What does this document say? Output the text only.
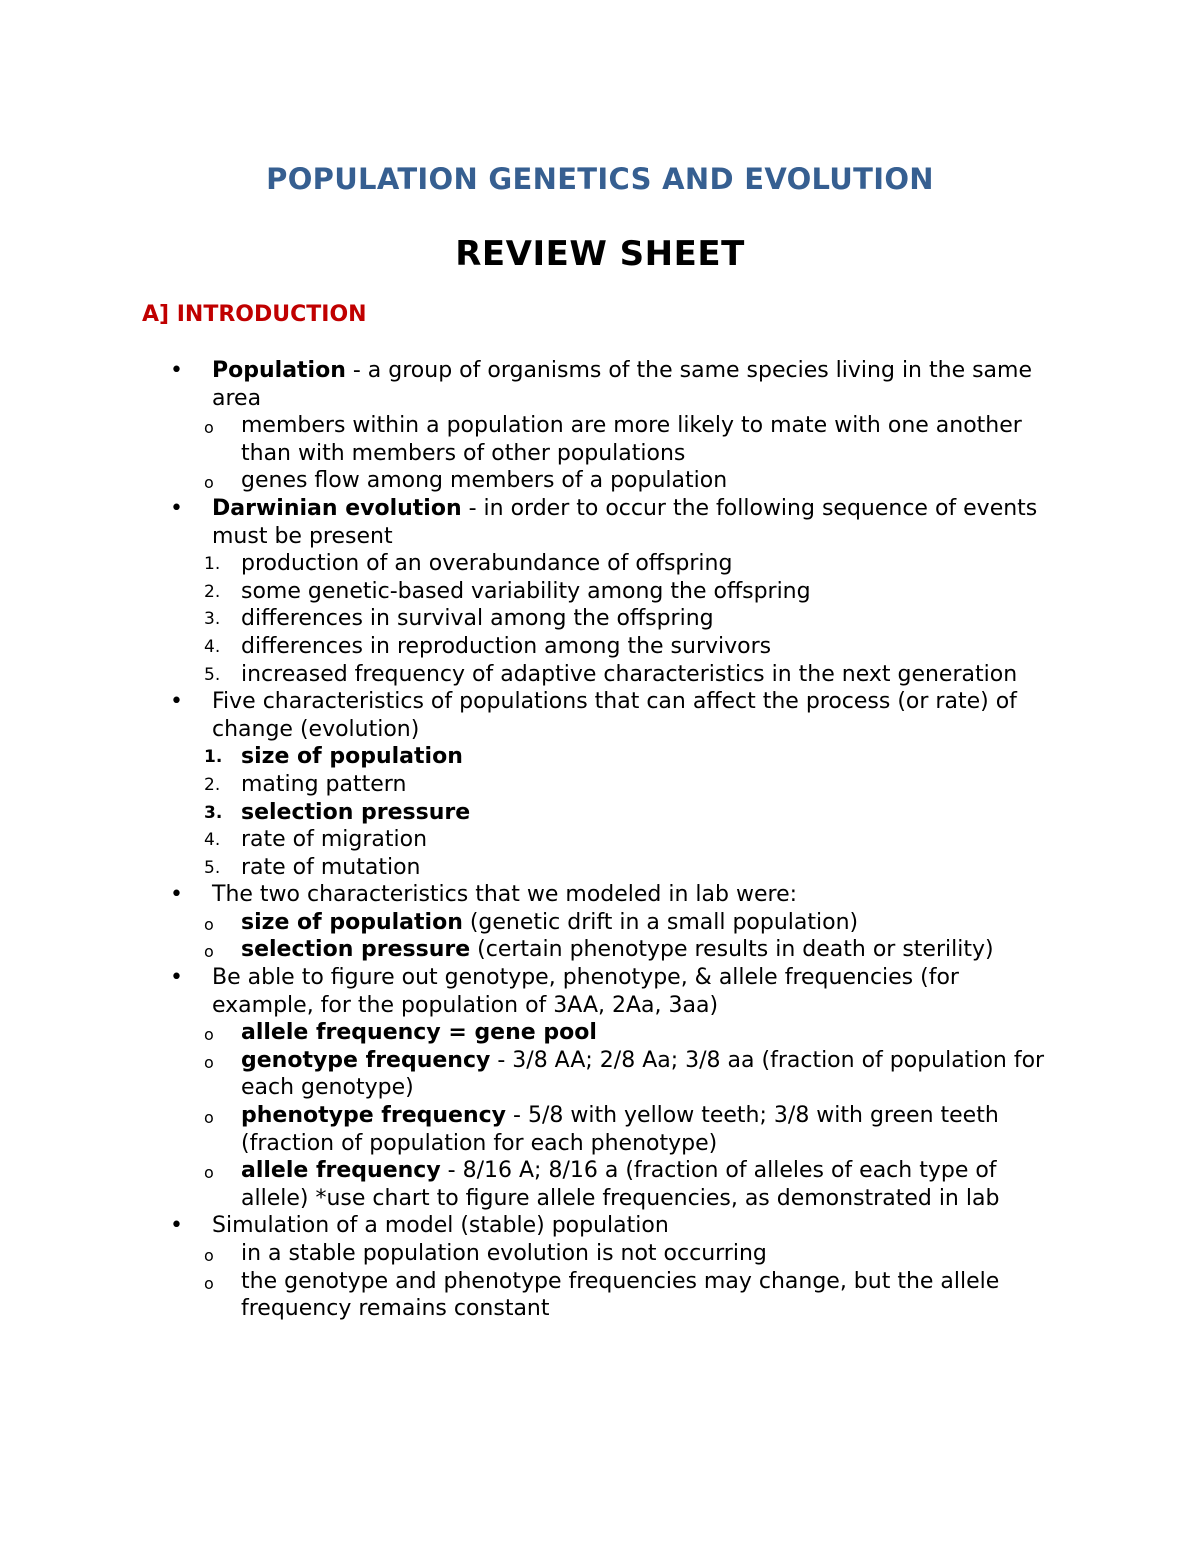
POPULATION GENETICS AND EVOLUTION
REVIEW SHEET
A] INTRODUCTION
•	Population - a group of organisms of the same species living in the same area
o	members within a population are more likely to mate with one another than with members of other populations
o	genes flow among members of a population
•	Darwinian evolution - in order to occur the following sequence of events must be present
1. production of an overabundance of offspring
2. some genetic-based variability among the offspring
3. differences in survival among the offspring
4. differences in reproduction among the survivors
5. increased frequency of adaptive characteristics in the next generation
•	Five characteristics of populations that can affect the process (or rate) of change (evolution)
1. size of population
2. mating pattern
3. selection pressure
4. rate of migration
5. rate of mutation
•	The two characteristics that we modeled in lab were:
o	size of population (genetic drift in a small population)
o	selection pressure (certain phenotype results in death or sterility)
•	Be able to figure out genotype, phenotype, & allele frequencies (for example, for the population of 3AA, 2Aa, 3aa)
o	allele frequency = gene pool
o	genotype frequency - 3/8 AA; 2/8 Aa; 3/8 aa (fraction of population for each genotype)
o	phenotype frequency - 5/8 with yellow teeth; 3/8 with green teeth (fraction of population for each phenotype)
o	allele frequency - 8/16 A; 8/16 a (fraction of alleles of each type of allele) *use chart to figure allele frequencies, as demonstrated in lab
•	Simulation of a model (stable) population
o	in a stable population evolution is not occurring
o	the genotype and phenotype frequencies may change, but the allele frequency remains constant
